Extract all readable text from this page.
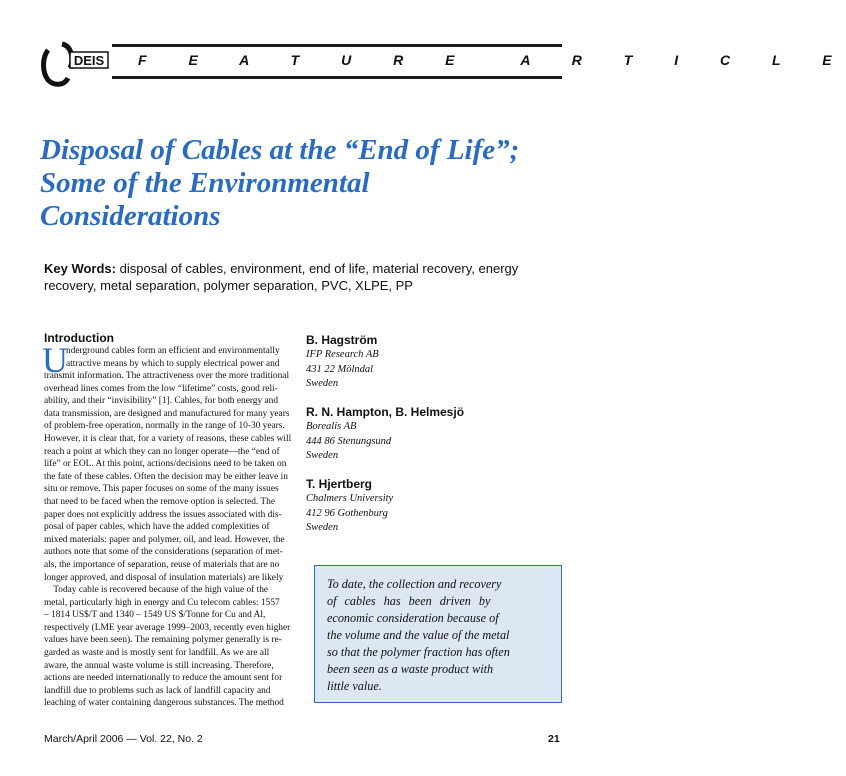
DEIS F E A T U R E	A R T I C L E
Disposal of Cables at the “End of Life”;
Some of the Environmental
Considerations
Key Words: disposal of cables, environment, end of life, material recovery, energy recovery, metal separation, polymer separation, PVC, XLPE, PP
Introduction
U
nderground cables form an efficient and environmentally
attractive means by which to supply electrical power and
transmit information. The attractiveness over the more traditional
overhead lines comes from the low “lifetime” costs, good reli-
ability, and their “invisibility” [1]. Cables, for both energy and
data transmission, are designed and manufactured for many years
of problem-free operation, normally in the range of 10-30 years.
However, it is clear that, for a variety of reasons, these cables will
reach a point at which they can no longer operate—the “end of
life” or EOL. At this point, actions/decisions need to be taken on
the fate of these cables. Often the decision may be either leave in
situ or remove. This paper focuses on some of the many issues
that need to be faced when the remove option is selected. The
paper does not explicitly address the issues associated with dis-
posal of paper cables, which have the added complexities of
mixed materials: paper and polymer, oil, and lead. However, the
authors note that some of the considerations (separation of met-
als, the importance of separation, reuse of materials that are no
longer approved, and disposal of insulation materials) are likely
Today cable is recovered because of the high value of the
metal, particularly high in energy and Cu telecom cables: 1557
– 1814 US$/T and 1340 – 1549 US $/Tonne for Cu and Al,
respectively (LME year average 1999–2003, recently even higher
values have been seen). The remaining polymer generally is re-
garded as waste and is mostly sent for landfill. As we are all
aware, the annual waste volume is still increasing. Therefore,
actions are needed internationally to reduce the amount sent for
landfill due to problems such as lack of landfill capacity and
leaching of water containing dangerous substances. The method
B. Hagström
IFP Research AB
431 22 Mölndal
Sweden
R. N. Hampton, B. Helmesjö
Borealis AB
444 86 Stenungsund
Sweden
T. Hjertberg
Chalmers University
412 96 Gothenburg
Sweden
To date, the collection and recovery
of cables has been driven by
economic consideration because of
the volume and the value of the metal
so that the polymer fraction has often
been seen as a waste product with
little value.
March/April 2006 — Vol. 22, No. 2	21
